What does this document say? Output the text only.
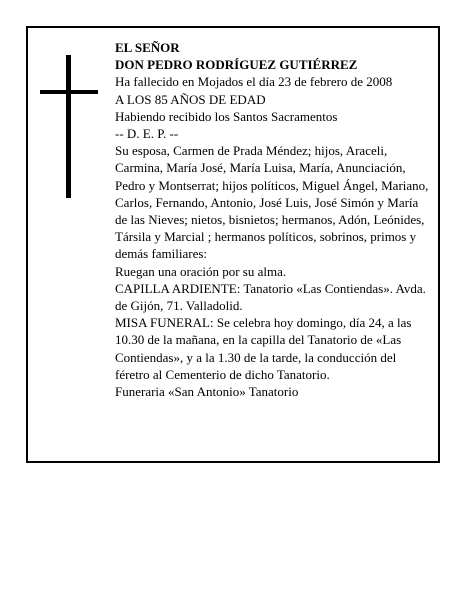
EL SEÑOR

DON PEDRO RODRÍGUEZ GUTIÉRREZ

Ha fallecido en Mojados el día 23 de febrero de 2008

A LOS 85 AÑOS DE EDAD

Habiendo recibido los Santos Sacramentos

-- D. E. P. --

Su esposa, Carmen de Prada Méndez; hijos, Araceli, Carmina, María José, María Luisa, María, Anunciación, Pedro y Montserrat; hijos políticos, Miguel Ángel, Mariano, Carlos, Fernando, Antonio, José Luis, José Simón y María de las Nieves; nietos, bisnietos; hermanos, Adón, Leónides, Társila y Marcial ; hermanos políticos, sobrinos, primos y demás familiares:

Ruegan una oración por su alma.

CAPILLA ARDIENTE: Tanatorio «Las Contiendas». Avda. de Gijón, 71. Valladolid.

MISA FUNERAL: Se celebra hoy domingo, día 24, a las 10.30 de la mañana, en la capilla del Tanatorio de «Las Contiendas», y a la 1.30 de la tarde, la conducción del féretro al Cementerio de dicho Tanatorio.

Funeraria «San Antonio» Tanatorio
